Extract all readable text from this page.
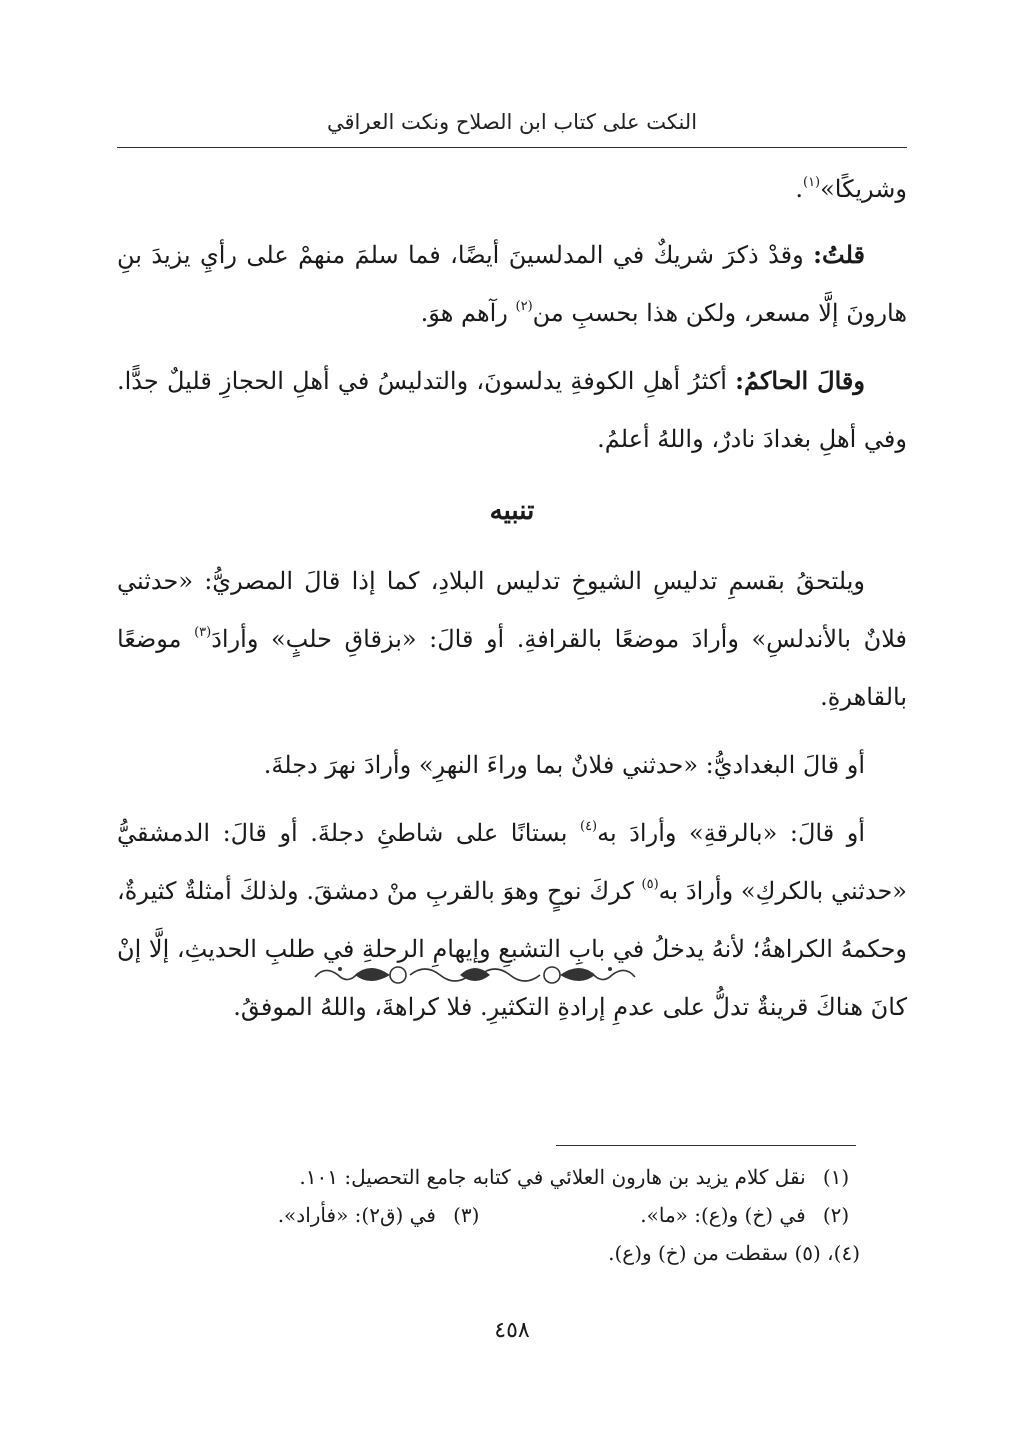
النكت على كتاب ابن الصلاح ونكت العراقي

وشريكًا»$^{(١)}$.

قلتُ: وقدْ ذكرَ شريكٌ في المدلسينَ أيضًا، فما سلمَ منهمْ على رأيِ يزيدَ بنِ هارونَ إلَّا مسعر، ولكن هذا بحسبِ من$^{(٢)}$ رآهم هوَ.

وقالَ الحاكمُ: أكثرُ أهلِ الكوفةِ يدلسونَ، والتدليسُ في أهلِ الحجازِ قليلٌ جدًّا. وفي أهلِ بغدادَ نادرٌ، واللهُ أعلمُ.

تنبيه

ويلتحقُ بقسمِ تدليسِ الشيوخِ تدليس البلادِ، كما إذا قالَ المصريُّ: «حدثني فلانٌ بالأندلسِ» وأرادَ موضعًا بالقرافةِ. أو قالَ: «بزقاقِ حلبٍ» وأرادَ$^{(٣)}$ موضعًا بالقاهرةِ.

أو قالَ البغداديُّ: «حدثني فلانٌ بما وراءَ النهرِ» وأرادَ نهرَ دجلةَ.

أو قالَ: «بالرقةِ» وأرادَ به$^{(٤)}$ بستانًا على شاطئِ دجلةَ. أو قالَ: الدمشقيُّ «حدثني بالكركِ» وأرادَ به$^{(٥)}$ كركَ نوحٍ وهوَ بالقربِ منْ دمشقَ. ولذلكَ أمثلةٌ كثيرةٌ، وحكمهُ الكراهةُ؛ لأنهُ يدخلُ في بابِ التشبعِ وإيهامِ الرحلةِ في طلبِ الحديثِ، إلَّا إنْ كانَ هناكَ قرينةٌ تدلُّ على عدمِ إرادةِ التكثيرِ. فلا كراهةَ، واللهُ الموفقُ.

(١) نقل كلام يزيد بن هارون العلائي في كتابه جامع التحصيل: ١٠١.
(٢) في (خ) و(ع): «ما».(٣) في (ق٢): «فأراد».
(٤)، (٥) سقطت من (خ) و(ع).
٤٥٨
